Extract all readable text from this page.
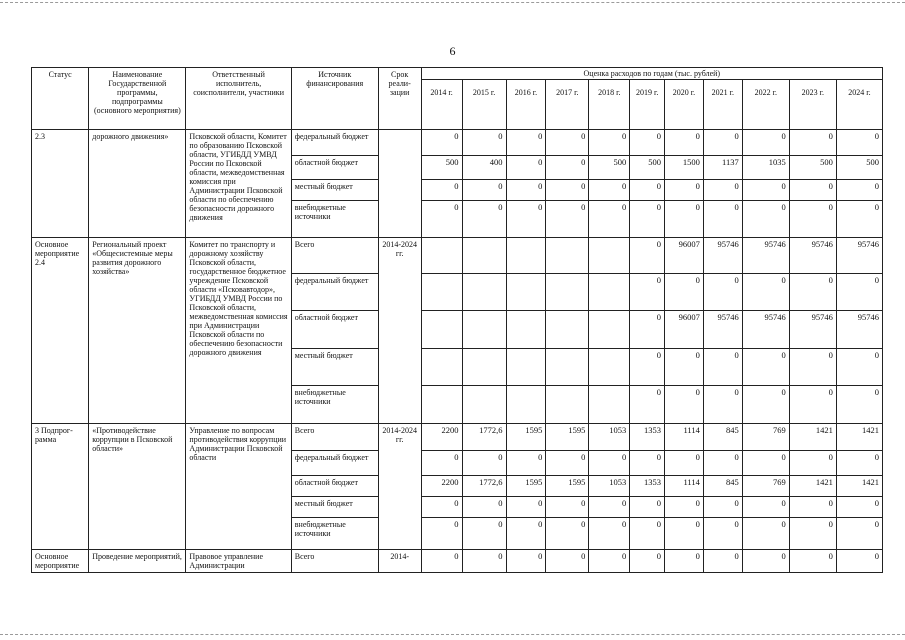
6
Статус	Наименование Государственной программы, подпрограммы (основного мероприятия)	Ответственный исполнитель, соисполнители, участники	Источник финансирования	Срок реали-зации	Оценка расходов по годам (тыс. рублей)										
					2014 г.	2015 г.	2016 г.	2017 г.	2018 г.	2019 г.	2020 г.	2021 г.	2022 г.	2023 г.	2024 г.
2.3	дорожного движения»	Псковской области, Комитет по образованию Псковской области, УГИБДД УМВД России по Псковской области, межведомственная комиссия при Администрации Псковской области по обеспечению безопасности дорожного движения	федеральный бюджет		0	0	0	0	0	0	0	0	0	0	0
			областной бюджет		500	400	0	0	500	500	1500	1137	1035	500	500
			местный бюджет		0	0	0	0	0	0	0	0	0	0	0
			внебюджетные источники		0	0	0	0	0	0	0	0	0	0	0
Основное мероприятие 2.4	Региональный проект «Общесистемные меры развития дорожного хозяйства»	Комитет по транспорту и дорожному хозяйству Псковской области, государственное бюджетное учреждение Псковской области «Псковавтодор», УГИБДД УМВД России по Псковской области, межведомственная комиссия при Администрации Псковской области по обеспечению безопасности дорожного движения	Всего	2014-2024 гг.						0	96007	95746	95746	95746	95746
			федеральный бюджет							0	0	0	0	0	0
			областной бюджет							0	96007	95746	95746	95746	95746
			местный бюджет							0	0	0	0	0	0
			внебюджетные источники							0	0	0	0	0	0
3 Подпрог-рамма	«Противодействие коррупции в Псковской области»	Управление по вопросам противодействия коррупции Администрации Псковской области	Всего	2014-2024 гг.	2200	1772,6	1595	1595	1053	1353	1114	845	769	1421	1421
			федеральный бюджет		0	0	0	0	0	0	0	0	0	0	0
			областной бюджет		2200	1772,6	1595	1595	1053	1353	1114	845	769	1421	1421
			местный бюджет		0	0	0	0	0	0	0	0	0	0	0
			внебюджетные источники		0	0	0	0	0	0	0	0	0	0	0
Основное мероприятие	Проведение мероприятий,	Правовое управление Администрации	Всего	2014-	0	0	0	0	0	0	0	0	0	0	0
